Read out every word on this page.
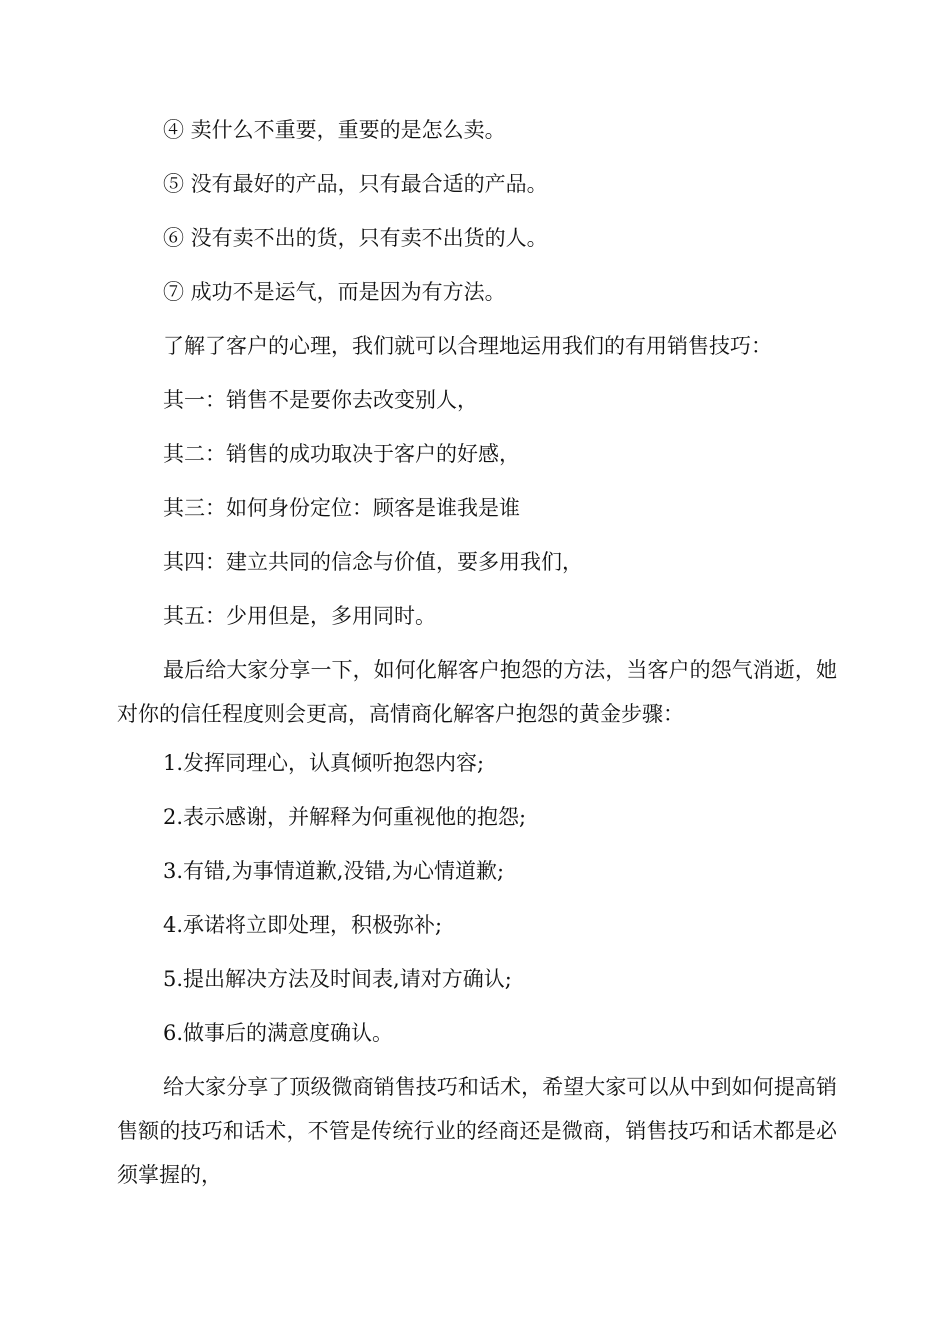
④ 卖什么不重要，重要的是怎么卖。

⑤ 没有最好的产品，只有最合适的产品。

⑥ 没有卖不出的货，只有卖不出货的人。

⑦ 成功不是运气，而是因为有方法。

了解了客户的心理，我们就可以合理地运用我们的有用销售技巧：

其一：销售不是要你去改变别人，

其二：销售的成功取决于客户的好感，

其三：如何身份定位：顾客是谁我是谁

其四：建立共同的信念与价值，要多用我们，

其五：少用但是，多用同时。

最后给大家分享一下，如何化解客户抱怨的方法，当客户的怨气消逝，她对你的信任程度则会更高，高情商化解客户抱怨的黄金步骤：

1.发挥同理心，认真倾听抱怨内容;

2.表示感谢，并解释为何重视他的抱怨;

3.有错,为事情道歉,没错,为心情道歉;

4.承诺将立即处理，积极弥补;

5.提出解决方法及时间表,请对方确认;

6.做事后的满意度确认。

给大家分享了顶级微商销售技巧和话术，希望大家可以从中到如何提高销售额的技巧和话术，不管是传统行业的经商还是微商，销售技巧和话术都是必须掌握的，
